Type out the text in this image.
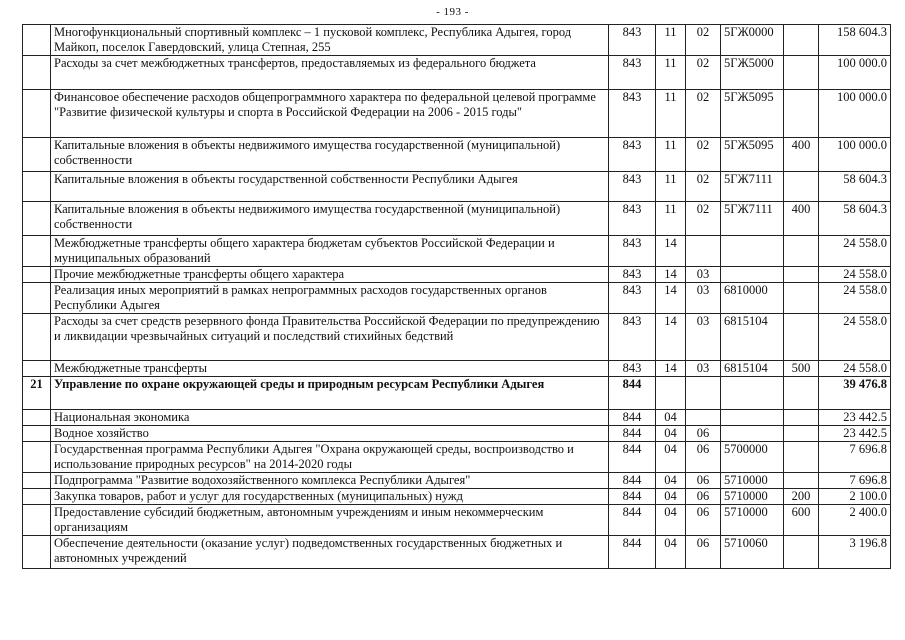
- 193 -
	Многофункциональный спортивный комплекс – 1 пусковой комплекс, Республика Адыгея, город Майкоп, поселок Гавердовский, улица Степная, 255	843	11	02	5ГЖ0000		158 604.3
	Расходы за счет межбюджетных трансфертов, предоставляемых из федерального бюджета	843	11	02	5ГЖ5000		100 000.0
	Финансовое обеспечение расходов общепрограммного характера по федеральной целевой программе "Развитие физической культуры и спорта в Российской Федерации на 2006 - 2015 годы"	843	11	02	5ГЖ5095		100 000.0
	Капитальные вложения в объекты недвижимого имущества государственной (муниципальной) собственности	843	11	02	5ГЖ5095	400	100 000.0
	Капитальные вложения в объекты государственной собственности Республики Адыгея	843	11	02	5ГЖ7111		58 604.3
	Капитальные вложения в объекты недвижимого имущества государственной (муниципальной) собственности	843	11	02	5ГЖ7111	400	58 604.3
	Межбюджетные трансферты общего характера бюджетам субъектов Российской Федерации и муниципальных образований	843	14				24 558.0
	Прочие межбюджетные трансферты общего характера	843	14	03			24 558.0
	Реализация иных мероприятий в рамках непрограммных расходов государственных органов Республики Адыгея	843	14	03	6810000		24 558.0
	Расходы за счет средств резервного фонда Правительства Российской Федерации по предупреждению и ликвидации чрезвычайных ситуаций и последствий стихийных бедствий	843	14	03	6815104		24 558.0
	Межбюджетные трансферты	843	14	03	6815104	500	24 558.0
21	Управление по охране окружающей среды и природным ресурсам Республики Адыгея	844					39 476.8
	Национальная экономика	844	04				23 442.5
	Водное хозяйство	844	04	06			23 442.5
	Государственная программа Республики Адыгея "Охрана окружающей среды, воспроизводство и использование природных ресурсов" на 2014-2020 годы	844	04	06	5700000		7 696.8
	Подпрограмма "Развитие водохозяйственного комплекса Республики Адыгея"	844	04	06	5710000		7 696.8
	Закупка товаров, работ и услуг для государственных (муниципальных) нужд	844	04	06	5710000	200	2 100.0
	Предоставление субсидий бюджетным, автономным учреждениям и иным некоммерческим организациям	844	04	06	5710000	600	2 400.0
	Обеспечение деятельности (оказание услуг) подведомственных государственных бюджетных и автономных учреждений	844	04	06	5710060		3 196.8
